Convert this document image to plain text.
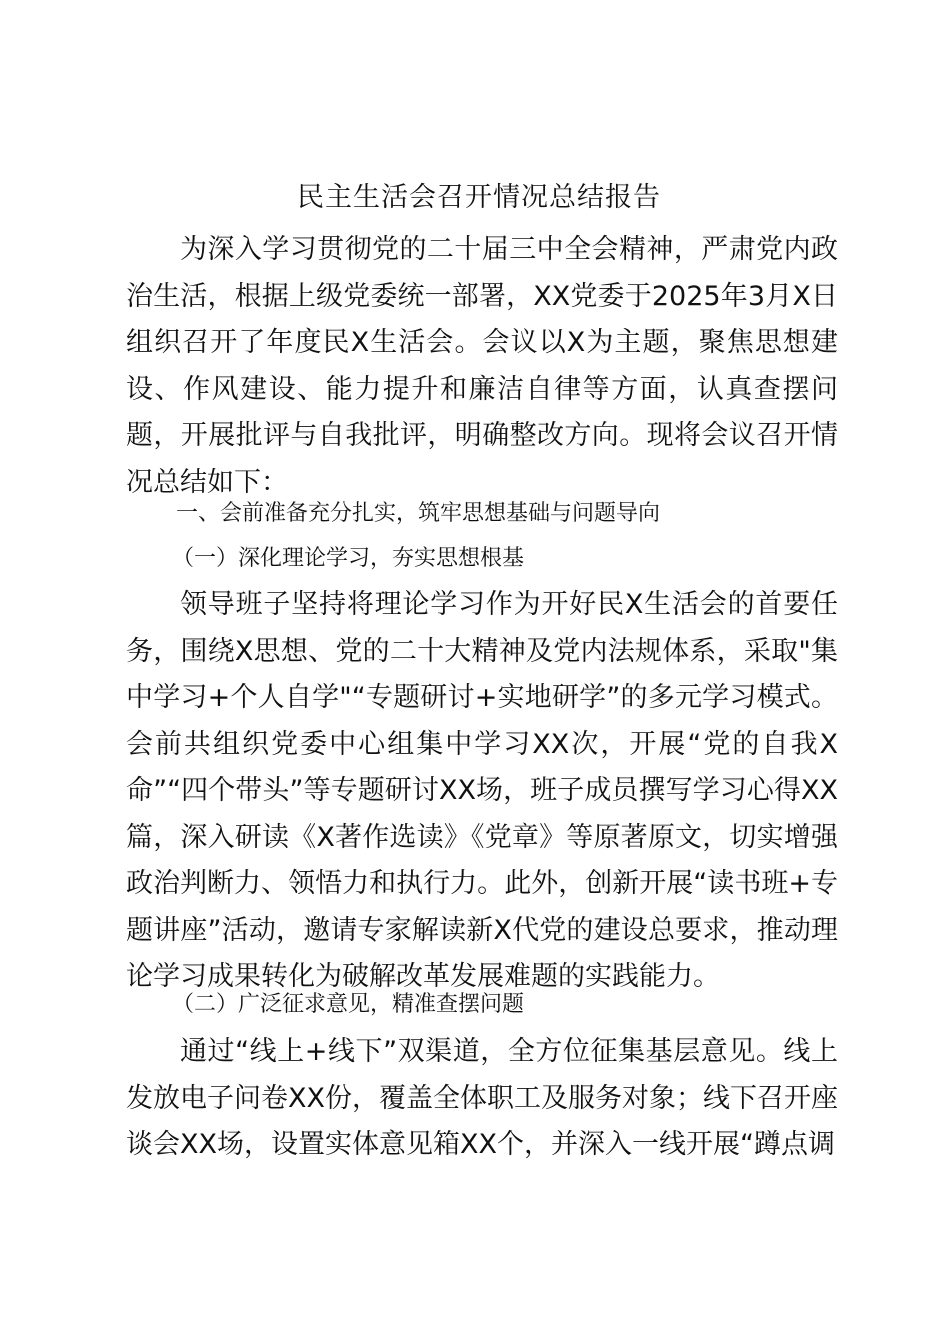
民主生活会召开情况总结报告

为深入学习贯彻党的二十届三中全会精神，严肃党内政治生活，根据上级党委统一部署，XX党委于2025年3月X日组织召开了年度民X生活会。会议以X为主题，聚焦思想建设、作风建设、能力提升和廉洁自律等方面，认真查摆问题，开展批评与自我批评，明确整改方向。现将会议召开情况总结如下：

一、会前准备充分扎实，筑牢思想基础与问题导向

（一）深化理论学习，夯实思想根基

领导班子坚持将理论学习作为开好民X生活会的首要任务，围绕X思想、党的二十大精神及党内法规体系，采取"集中学习+个人自学"“专题研讨+实地研学”的多元学习模式。会前共组织党委中心组集中学习XX次，开展“党的自我X命”“四个带头”等专题研讨XX场，班子成员撰写学习心得XX篇，深入研读《X著作选读》《党章》等原著原文，切实增强政治判断力、领悟力和执行力。此外，创新开展“读书班+专题讲座”活动，邀请专家解读新X代党的建设总要求，推动理论学习成果转化为破解改革发展难题的实践能力。

（二）广泛征求意见，精准查摆问题

通过“线上+线下”双渠道，全方位征集基层意见。线上发放电子问卷XX份，覆盖全体职工及服务对象；线下召开座谈会XX场，设置实体意见箱XX个，并深入一线开展“蹲点调
